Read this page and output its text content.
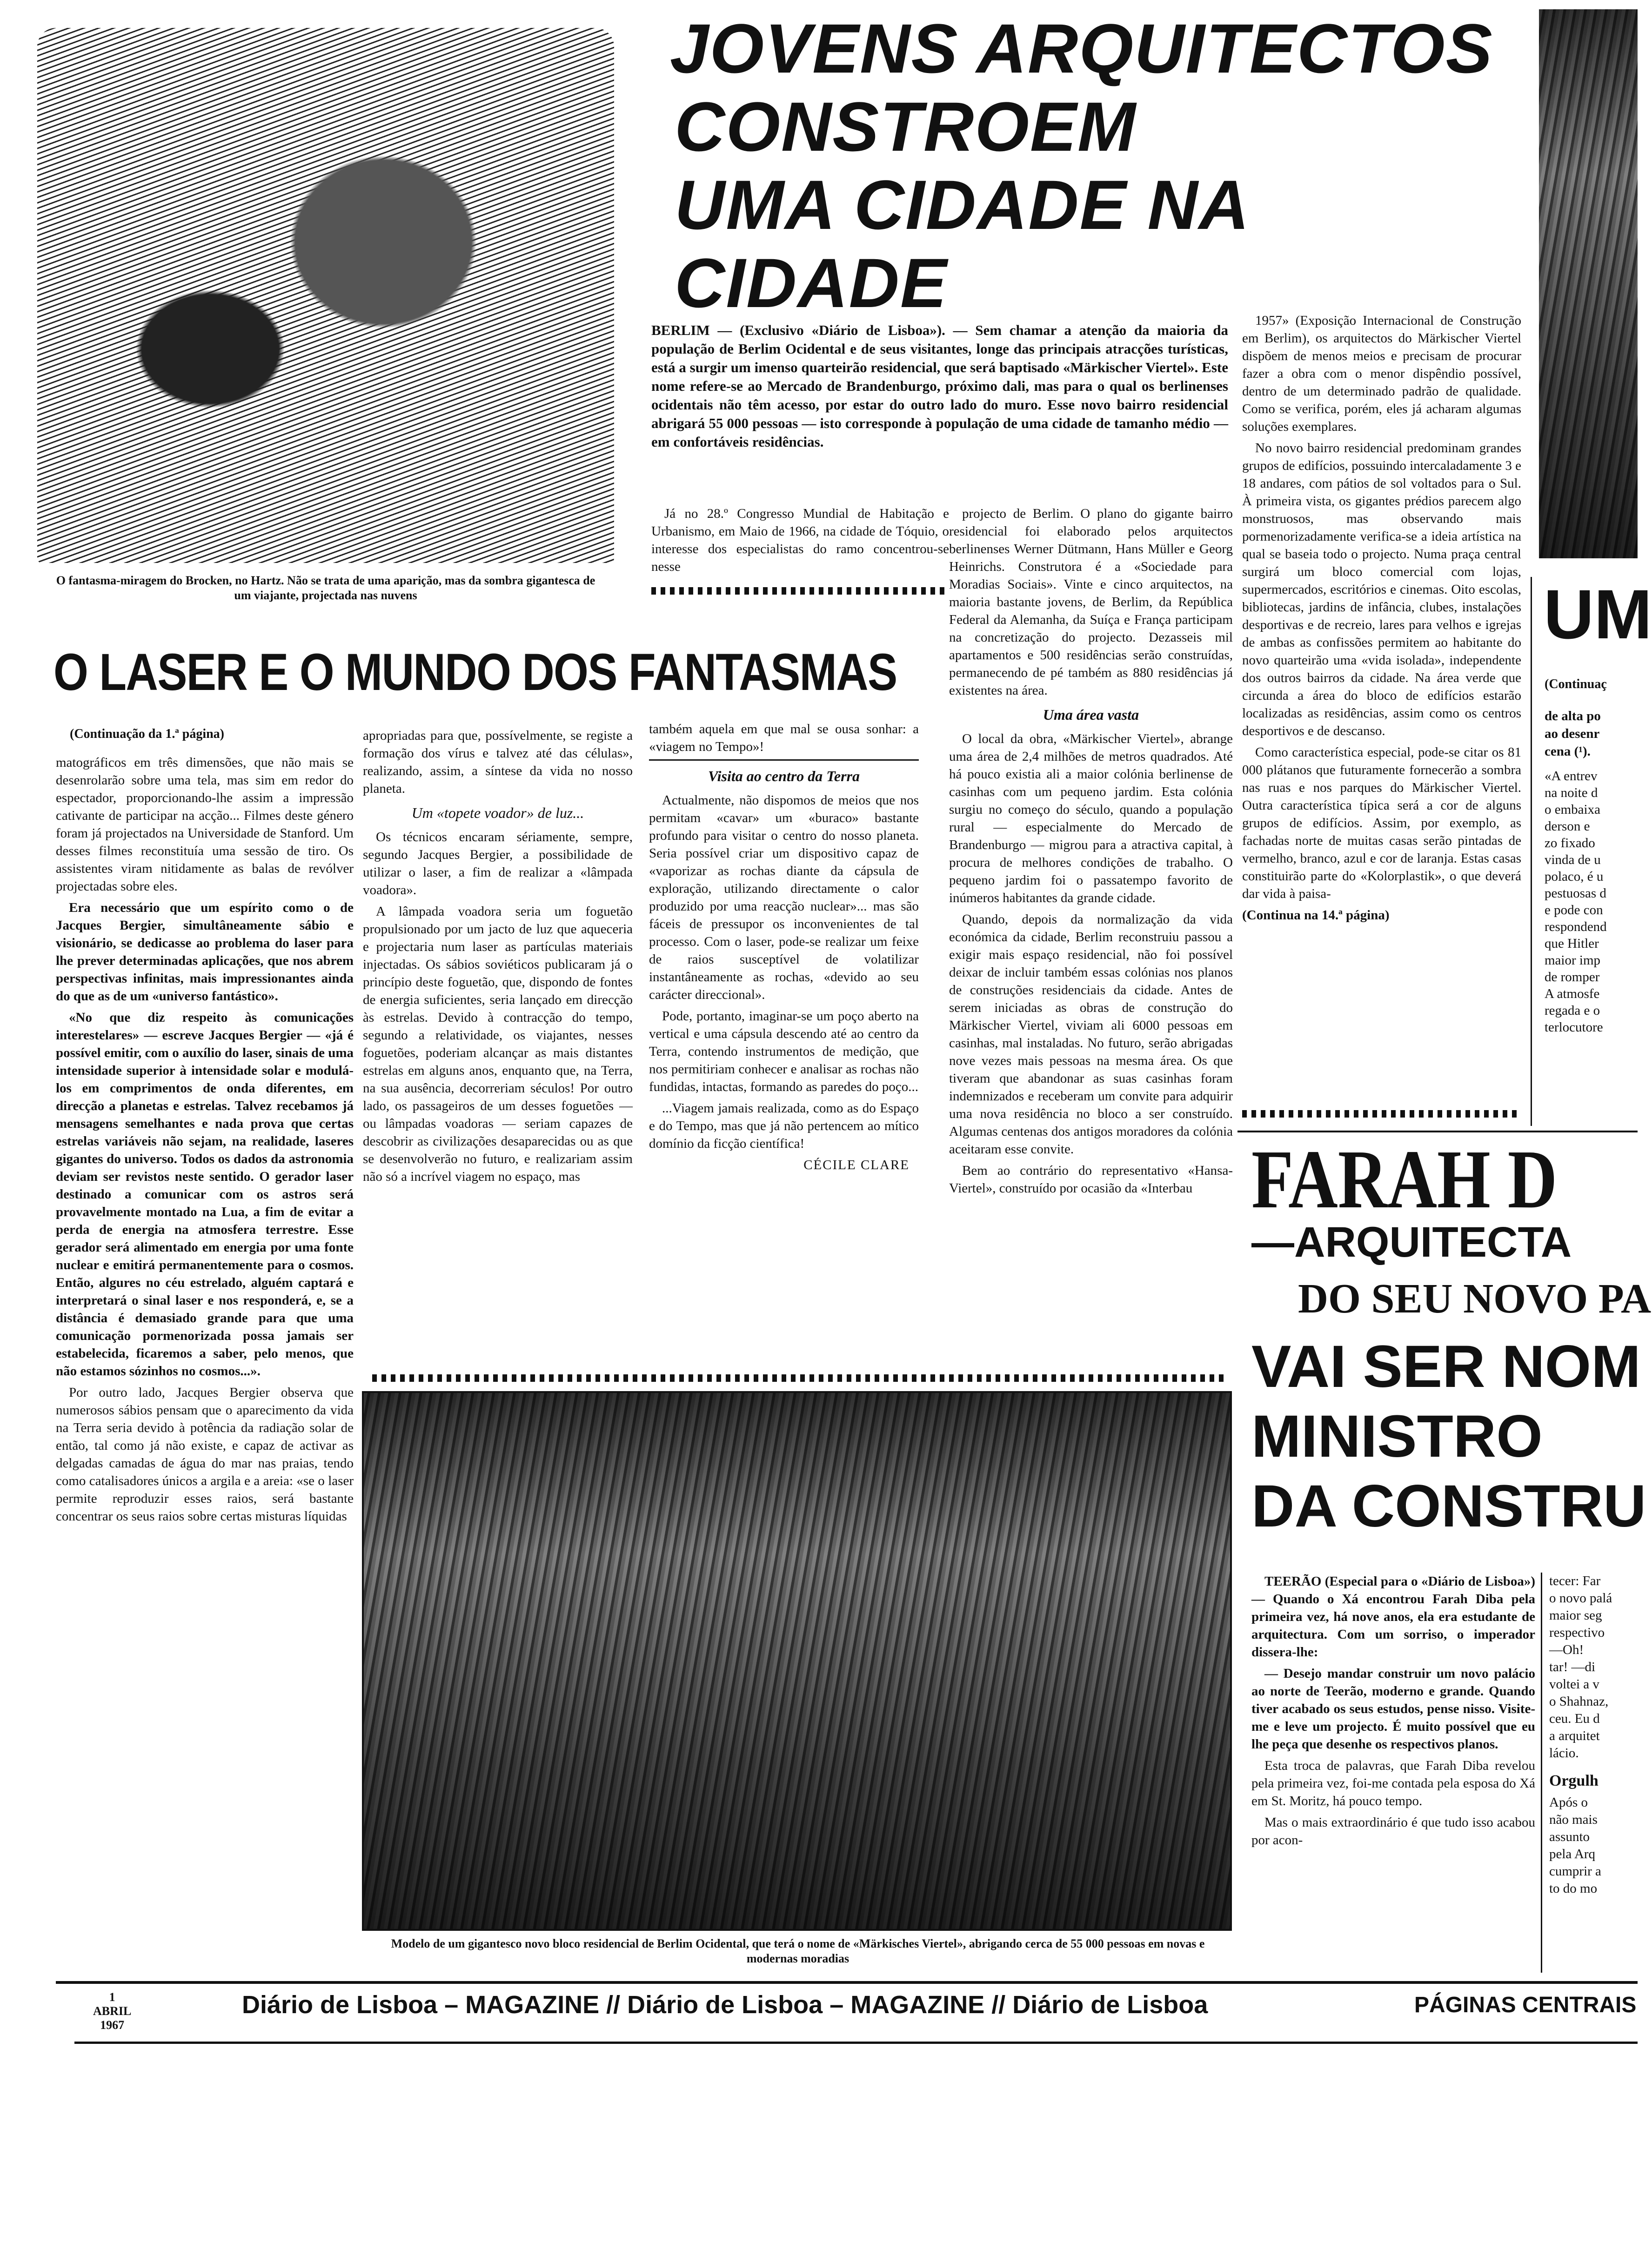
O fantasma-miragem do Brocken, no Hartz. Não se trata de uma aparição, mas da sombra gigantesca de um viajante, projectada nas nuvens
JOVENS ARQUITECTOS
CONSTROEM
UMA CIDADE NA CIDADE
BERLIM — (Exclusivo «Diário de Lisboa»). — Sem chamar a atenção da maioria da população de Berlim Ocidental e de seus visitantes, longe das principais atracções turísticas, está a surgir um imenso quarteirão residencial, que será baptisado «Märkischer Viertel». Este nome refere-se ao Mercado de Brandenburgo, próximo dali, mas para o qual os berlinenses ocidentais não têm acesso, por estar do outro lado do muro. Esse novo bairro residencial abrigará 55 000 pessoas — isto corresponde à população de uma cidade de tamanho médio — em confortáveis residências.

Já no 28.º Congresso Mundial de Habitação e Urbanismo, em Maio de 1966, na cidade de Tóquio, o interesse dos especialistas do ramo concentrou-se nesse

projecto de Berlim. O plano do gigante bairro residencial foi elaborado pelos arquitectos berlinenses Werner Dütmann, Hans Müller e Georg Heinrichs. Construtora é a «Sociedade para Moradias Sociais». Vinte e cinco arquitectos, na maioria bastante jovens, de Berlim, da República Federal da Alemanha, da Suíça e França participam na concretização do projecto. Dezasseis mil apartamentos e 500 residências serão construídas, permanecendo de pé também as 880 residências já existentes na área.

Uma área vasta

O local da obra, «Märkischer Viertel», abrange uma área de 2,4 milhões de metros quadrados. Até há pouco existia ali a maior colónia berlinense de casinhas com um pequeno jardim. Esta colónia surgiu no começo do século, quando a população rural — especialmente do Mercado de Brandenburgo — migrou para a atractiva capital, à procura de melhores condições de trabalho. O pequeno jardim foi o passatempo favorito de inúmeros habitantes da grande cidade.

Quando, depois da normalização da vida económica da cidade, Berlim reconstruiu passou a exigir mais espaço residencial, não foi possível deixar de incluir também essas colónias nos planos de construções residenciais da cidade. Antes de serem iniciadas as obras de construção do Märkischer Viertel, viviam ali 6000 pessoas em casinhas, mal instaladas. No futuro, serão abrigadas nove vezes mais pessoas na mesma área. Os que tiveram que abandonar as suas casinhas foram indemnizados e receberam um convite para adquirir uma nova residência no bloco a ser construído. Algumas centenas dos antigos moradores da colónia aceitaram esse convite.

Bem ao contrário do representativo «Hansa-Viertel», construído por ocasião da «Interbau

1957» (Exposição Internacional de Construção em Berlim), os arquitectos do Märkischer Viertel dispõem de menos meios e precisam de procurar fazer a obra com o menor dispêndio possível, dentro de um determinado padrão de qualidade. Como se verifica, porém, eles já acharam algumas soluções exemplares.

No novo bairro residencial predominam grandes grupos de edifícios, possuindo intercaladamente 3 e 18 andares, com pátios de sol voltados para o Sul. À primeira vista, os gigantes prédios parecem algo monstruosos, mas observando mais pormenorizadamente verifica-se a ideia artística na qual se baseia todo o projecto. Numa praça central surgirá um bloco comercial com lojas, supermercados, escritórios e cinemas. Oito escolas, bibliotecas, jardins de infância, clubes, instalações desportivas e de recreio, lares para velhos e igrejas de ambas as confissões permitem ao habitante do novo quarteirão uma «vida isolada», independente dos outros bairros da cidade. Na área verde que circunda a área do bloco de edifícios estarão localizadas as residências, assim como os centros desportivos e de descanso.

Como característica especial, pode-se citar os 81 000 plátanos que futuramente fornecerão a sombra nas ruas e nos parques do Märkischer Viertel. Outra característica típica será a cor de alguns grupos de edifícios. Assim, por exemplo, as fachadas norte de muitas casas serão pintadas de vermelho, branco, azul e cor de laranja. Estas casas constituirão parte do «Kolorplastik», o que deverá dar vida à paisa-

(Continua na 14.ª página)
O LASER E O MUNDO DOS FANTASMAS
(Continuação da 1.ª página)

matográficos em três dimensões, que não mais se desenrolarão sobre uma tela, mas sim em redor do espectador, proporcionando-lhe assim a impressão cativante de participar na acção... Filmes deste género foram já projectados na Universidade de Stanford. Um desses filmes reconstituía uma sessão de tiro. Os assistentes viram nitidamente as balas de revólver projectadas sobre eles.

Era necessário que um espírito como o de Jacques Bergier, simultâneamente sábio e visionário, se dedicasse ao problema do laser para lhe prever determinadas aplicações, que nos abrem perspectivas infinitas, mais impressionantes ainda do que as de um «universo fantástico».

«No que diz respeito às comunicações interestelares» — escreve Jacques Bergier — «já é possível emitir, com o auxílio do laser, sinais de uma intensidade superior à intensidade solar e modulá-los em comprimentos de onda diferentes, em direcção a planetas e estrelas. Talvez recebamos já mensagens semelhantes e nada prova que certas estrelas variáveis não sejam, na realidade, laseres gigantes do universo. Todos os dados da astronomia deviam ser revistos neste sentido. O gerador laser destinado a comunicar com os astros será provavelmente montado na Lua, a fim de evitar a perda de energia na atmosfera terrestre. Esse gerador será alimentado em energia por uma fonte nuclear e emitirá permanentemente para o cosmos. Então, algures no céu estrelado, alguém captará e interpretará o sinal laser e nos responderá, e, se a distância é demasiado grande para que uma comunicação pormenorizada possa jamais ser estabelecida, ficaremos a saber, pelo menos, que não estamos sózinhos no cosmos...».

Por outro lado, Jacques Bergier observa que numerosos sábios pensam que o aparecimento da vida na Terra seria devido à potência da radiação solar de então, tal como já não existe, e capaz de activar as delgadas camadas de água do mar nas praias, tendo como catalisadores únicos a argila e a areia: «se o laser permite reproduzir esses raios, será bastante concentrar os seus raios sobre certas misturas líquidas

apropriadas para que, possívelmente, se registe a formação dos vírus e talvez até das células», realizando, assim, a síntese da vida no nosso planeta.

Um «topete voador» de luz...

Os técnicos encaram sériamente, sempre, segundo Jacques Bergier, a possibilidade de utilizar o laser, a fim de realizar a «lâmpada voadora».

A lâmpada voadora seria um foguetão propulsionado por um jacto de luz que aqueceria e projectaria num laser as partículas materiais injectadas. Os sábios soviéticos publicaram já o princípio deste foguetão, que, dispondo de fontes de energia suficientes, seria lançado em direcção às estrelas. Devido à contracção do tempo, segundo a relatividade, os viajantes, nesses foguetões, poderiam alcançar as mais distantes estrelas em alguns anos, enquanto que, na Terra, na sua ausência, decorreriam séculos! Por outro lado, os passageiros de um desses foguetões — ou lâmpadas voadoras — seriam capazes de descobrir as civilizações desaparecidas ou as que se desenvolverão no futuro, e realizariam assim não só a incrível viagem no espaço, mas

também aquela em que mal se ousa sonhar: a «viagem no Tempo»!

Visita ao centro da Terra

Actualmente, não dispomos de meios que nos permitam «cavar» um «buraco» bastante profundo para visitar o centro do nosso planeta. Seria possível criar um dispositivo capaz de «vaporizar as rochas diante da cápsula de exploração, utilizando directamente o calor produzido por uma reacção nuclear»... mas são fáceis de pressupor os inconvenientes de tal processo. Com o laser, pode-se realizar um feixe de raios susceptível de volatilizar instantâneamente as rochas, «devido ao seu carácter direccional».

Pode, portanto, imaginar-se um poço aberto na vertical e uma cápsula descendo até ao centro da Terra, contendo instrumentos de medição, que nos permitiriam conhecer e analisar as rochas não fundidas, intactas, formando as paredes do poço...

...Viagem jamais realizada, como as do Espaço e do Tempo, mas que já não pertencem ao mítico domínio da ficção científica!

CÉCILE CLARE
Modelo de um gigantesco novo bloco residencial de Berlim Ocidental, que terá o nome de «Märkisches Viertel», abrigando cerca de 55 000 pessoas em novas e modernas moradias
UM
(Continuaç
de alta po
ao desenr
cena (¹).
«A entrev
na noite d
o embaixa
derson e
zo fixado
vinda de u
polaco, é u
pestuosas d
e pode con
respondend
que Hitler
maior imp
de romper
A atmosfe
regada e o
terlocutore
FARAH D
—ARQUITECTA
DO SEU NOVO PA
VAI SER NOM
MINISTRO
DA CONSTRU

TEERÃO (Especial para o «Diário de Lisboa») — Quando o Xá encontrou Farah Diba pela primeira vez, há nove anos, ela era estudante de arquitectura. Com um sorriso, o imperador dissera-lhe:

— Desejo mandar construir um novo palácio ao norte de Teerão, moderno e grande. Quando tiver acabado os seus estudos, pense nisso. Visite-me e leve um projecto. É muito possível que eu lhe peça que desenhe os respectivos planos.

Esta troca de palavras, que Farah Diba revelou pela primeira vez, foi-me contada pela esposa do Xá em St. Moritz, há pouco tempo.

Mas o mais extraordinário é que tudo isso acabou por acon-

tecer: Far
o novo palá
maior seg
respectivo
—Oh!
tar! —di
voltei a v
o Shahnaz,
ceu. Eu d
a arquitet
lácio.
Orgulh
Após o
não mais
assunto
pela Arq
cumprir a
to do mo
1
ABRIL
1967
Diário de Lisboa – MAGAZINE // Diário de Lisboa – MAGAZINE // Diário de Lisboa	PÁGINAS CENTRAIS
